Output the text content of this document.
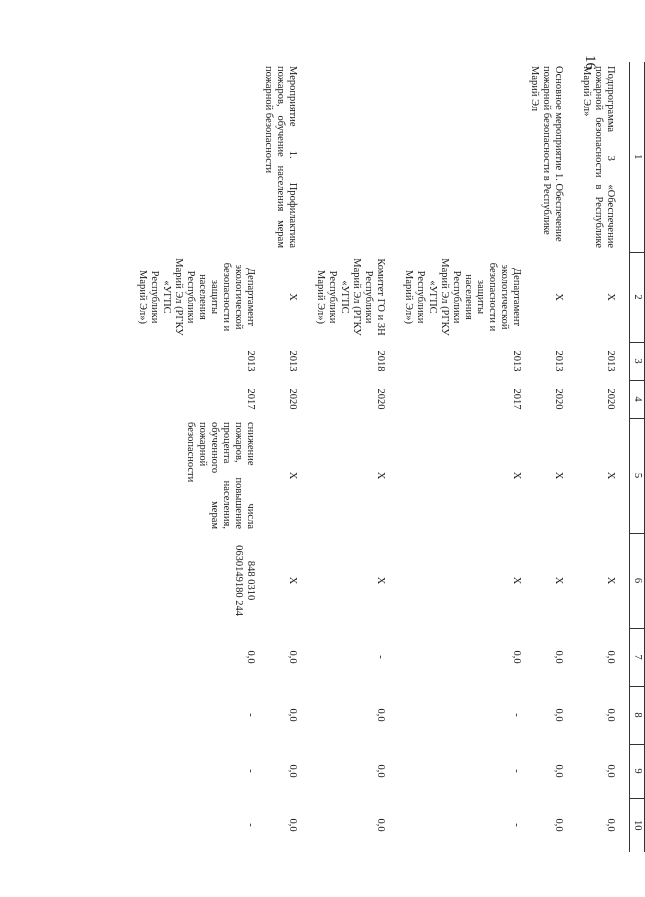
16
1	2	3	4	5	6	7	8	9	10

Подпрограмма 3 «Обеспечение пожарной безопасности в Республике Марий Эл»	Х	2013	2020	Х	Х	0,0	0,0	0,0	0,0

Основное мероприятие 1. Обеспечение пожарной безопасности в Республике Марий Эл	Х	2013	2020	Х	Х	0,0	0,0	0,0	0,0
	Департамент экологической безопасности и защиты населения Республики Марий Эл (РГКУ «УГПС Республики Марий Эл»)	2013	2017	Х	Х	0,0	-	-	-

	Комитет ГО и ЗН Республики Марий Эл (РГКУ «УГПС Республики Марий Эл»)	2018	2020	Х	Х	-	0,0	0,0	0,0

Мероприятие 1. Профилактика пожаров, обучение населения мерам пожарной безопасности	Х	2013	2020	Х	Х	0,0	0,0	0,0	0,0
	Департамент экологической безопасности и защиты населения Республики Марий Эл (РГКУ «УГПС Республики Марий Эл»)	2013	2017	снижение числа пожаров, повышение процента населения, обученного мерам пожарной безопасности	848 0310 0630149180 244	0,0	-	-	-
